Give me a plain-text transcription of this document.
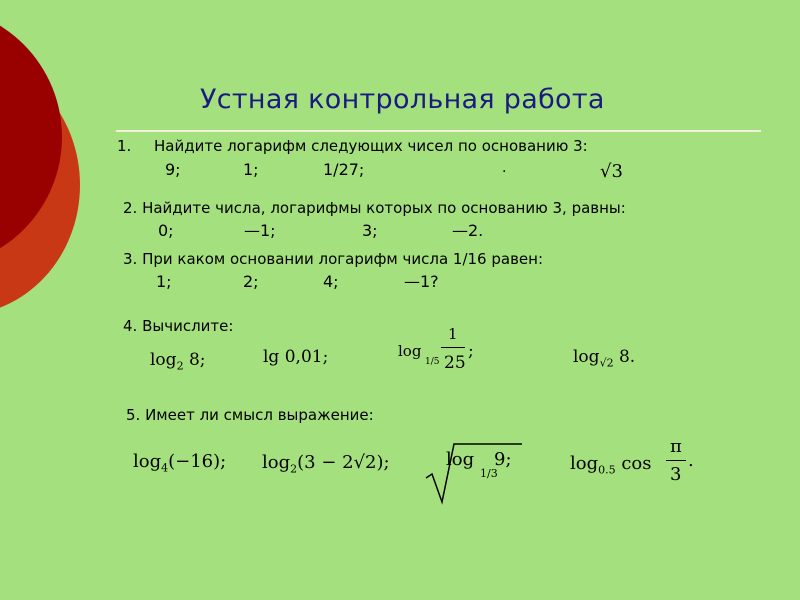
Устная контрольная работа
1. Найдите логарифм следующих чисел по основанию 3:
9;	1;	1/27;	.	√3
2. Найдите числа, логарифмы которых по основанию 3, равны:
0;	—1;	3;	—2.
3. При каком основании логарифм числа 1/16 равен:
1;	2;	4;	—1?
4. Вычислите:
$\log_2 8$;	lg 0,01;	log
1/5
1
25
;	$\log_{√2} 8$.
5. Имеет ли смысл выражение:
$\log_4(-16)$; $\log_2(3 - 2√2)$;	log
1/3
9;	$\log_{0.5} \cos$
π
3
.
